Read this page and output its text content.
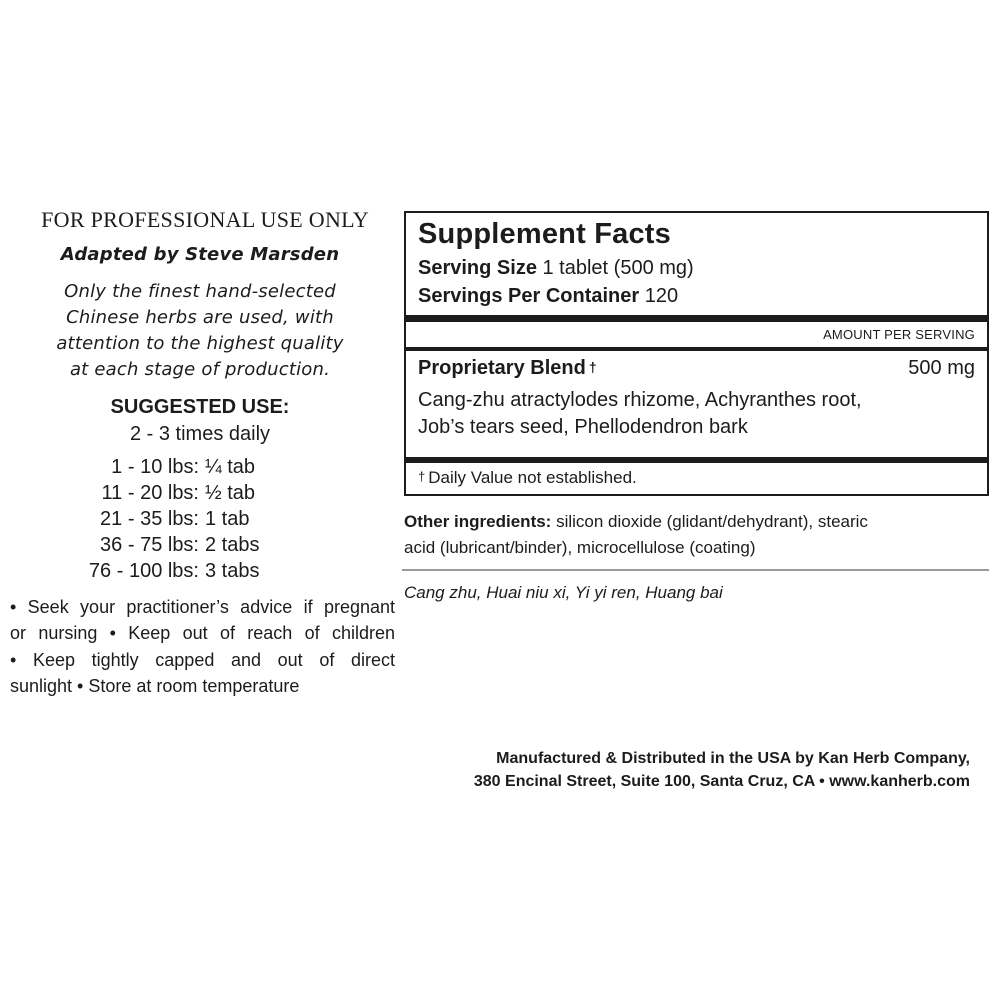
FOR PROFESSIONAL USE ONLY
Adapted by Steve Marsden
Only the finest hand-selected
Chinese herbs are used, with
attention to the highest quality
at each stage of production.
SUGGESTED USE:
2 - 3 times daily
1 - 10 lbs: ¼ tab
11 - 20 lbs: ½ tab
21 - 35 lbs: 1 tab
36 - 75 lbs: 2 tabs
76 - 100 lbs: 3 tabs
• Seek your practitioner’s advice if pregnant
or nursing • Keep out of reach of children
• Keep tightly capped and out of direct
sunlight • Store at room temperature
Supplement Facts
Serving Size 1 tablet (500 mg)
Servings Per Container 120
AMOUNT PER SERVING
Proprietary Blend †	500 mg
Cang-zhu atractylodes rhizome, Achyranthes root,
Job’s tears seed, Phellodendron bark
† Daily Value not established.
Other ingredients: silicon dioxide (glidant/dehydrant), stearic
acid (lubricant/binder), microcellulose (coating)
Cang zhu, Huai niu xi, Yi yi ren, Huang bai
Manufactured & Distributed in the USA by Kan Herb Company,
380 Encinal Street, Suite 100, Santa Cruz, CA • www.kanherb.com
